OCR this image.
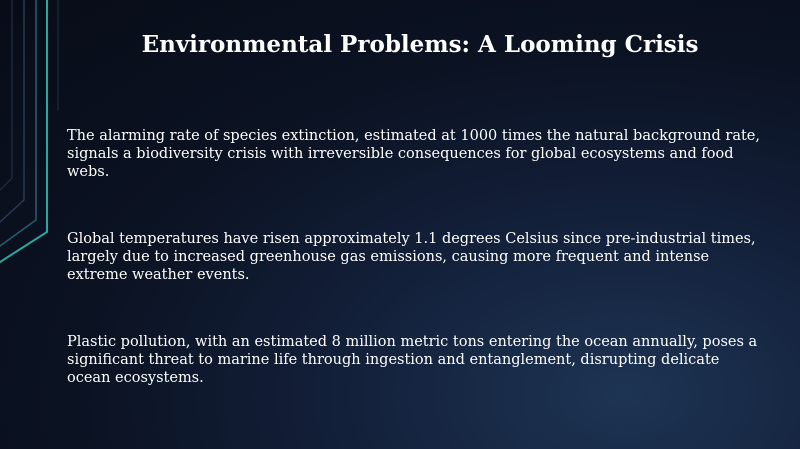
Environmental Problems: A Looming Crisis

The alarming rate of species extinction, estimated at 1000 times the natural background rate, signals a biodiversity crisis with irreversible consequences for global ecosystems and food webs.

Global temperatures have risen approximately 1.1 degrees Celsius since pre-industrial times, largely due to increased greenhouse gas emissions, causing more frequent and intense extreme weather events.

Plastic pollution, with an estimated 8 million metric tons entering the ocean annually, poses a significant threat to marine life through ingestion and entanglement, disrupting delicate ocean ecosystems.
